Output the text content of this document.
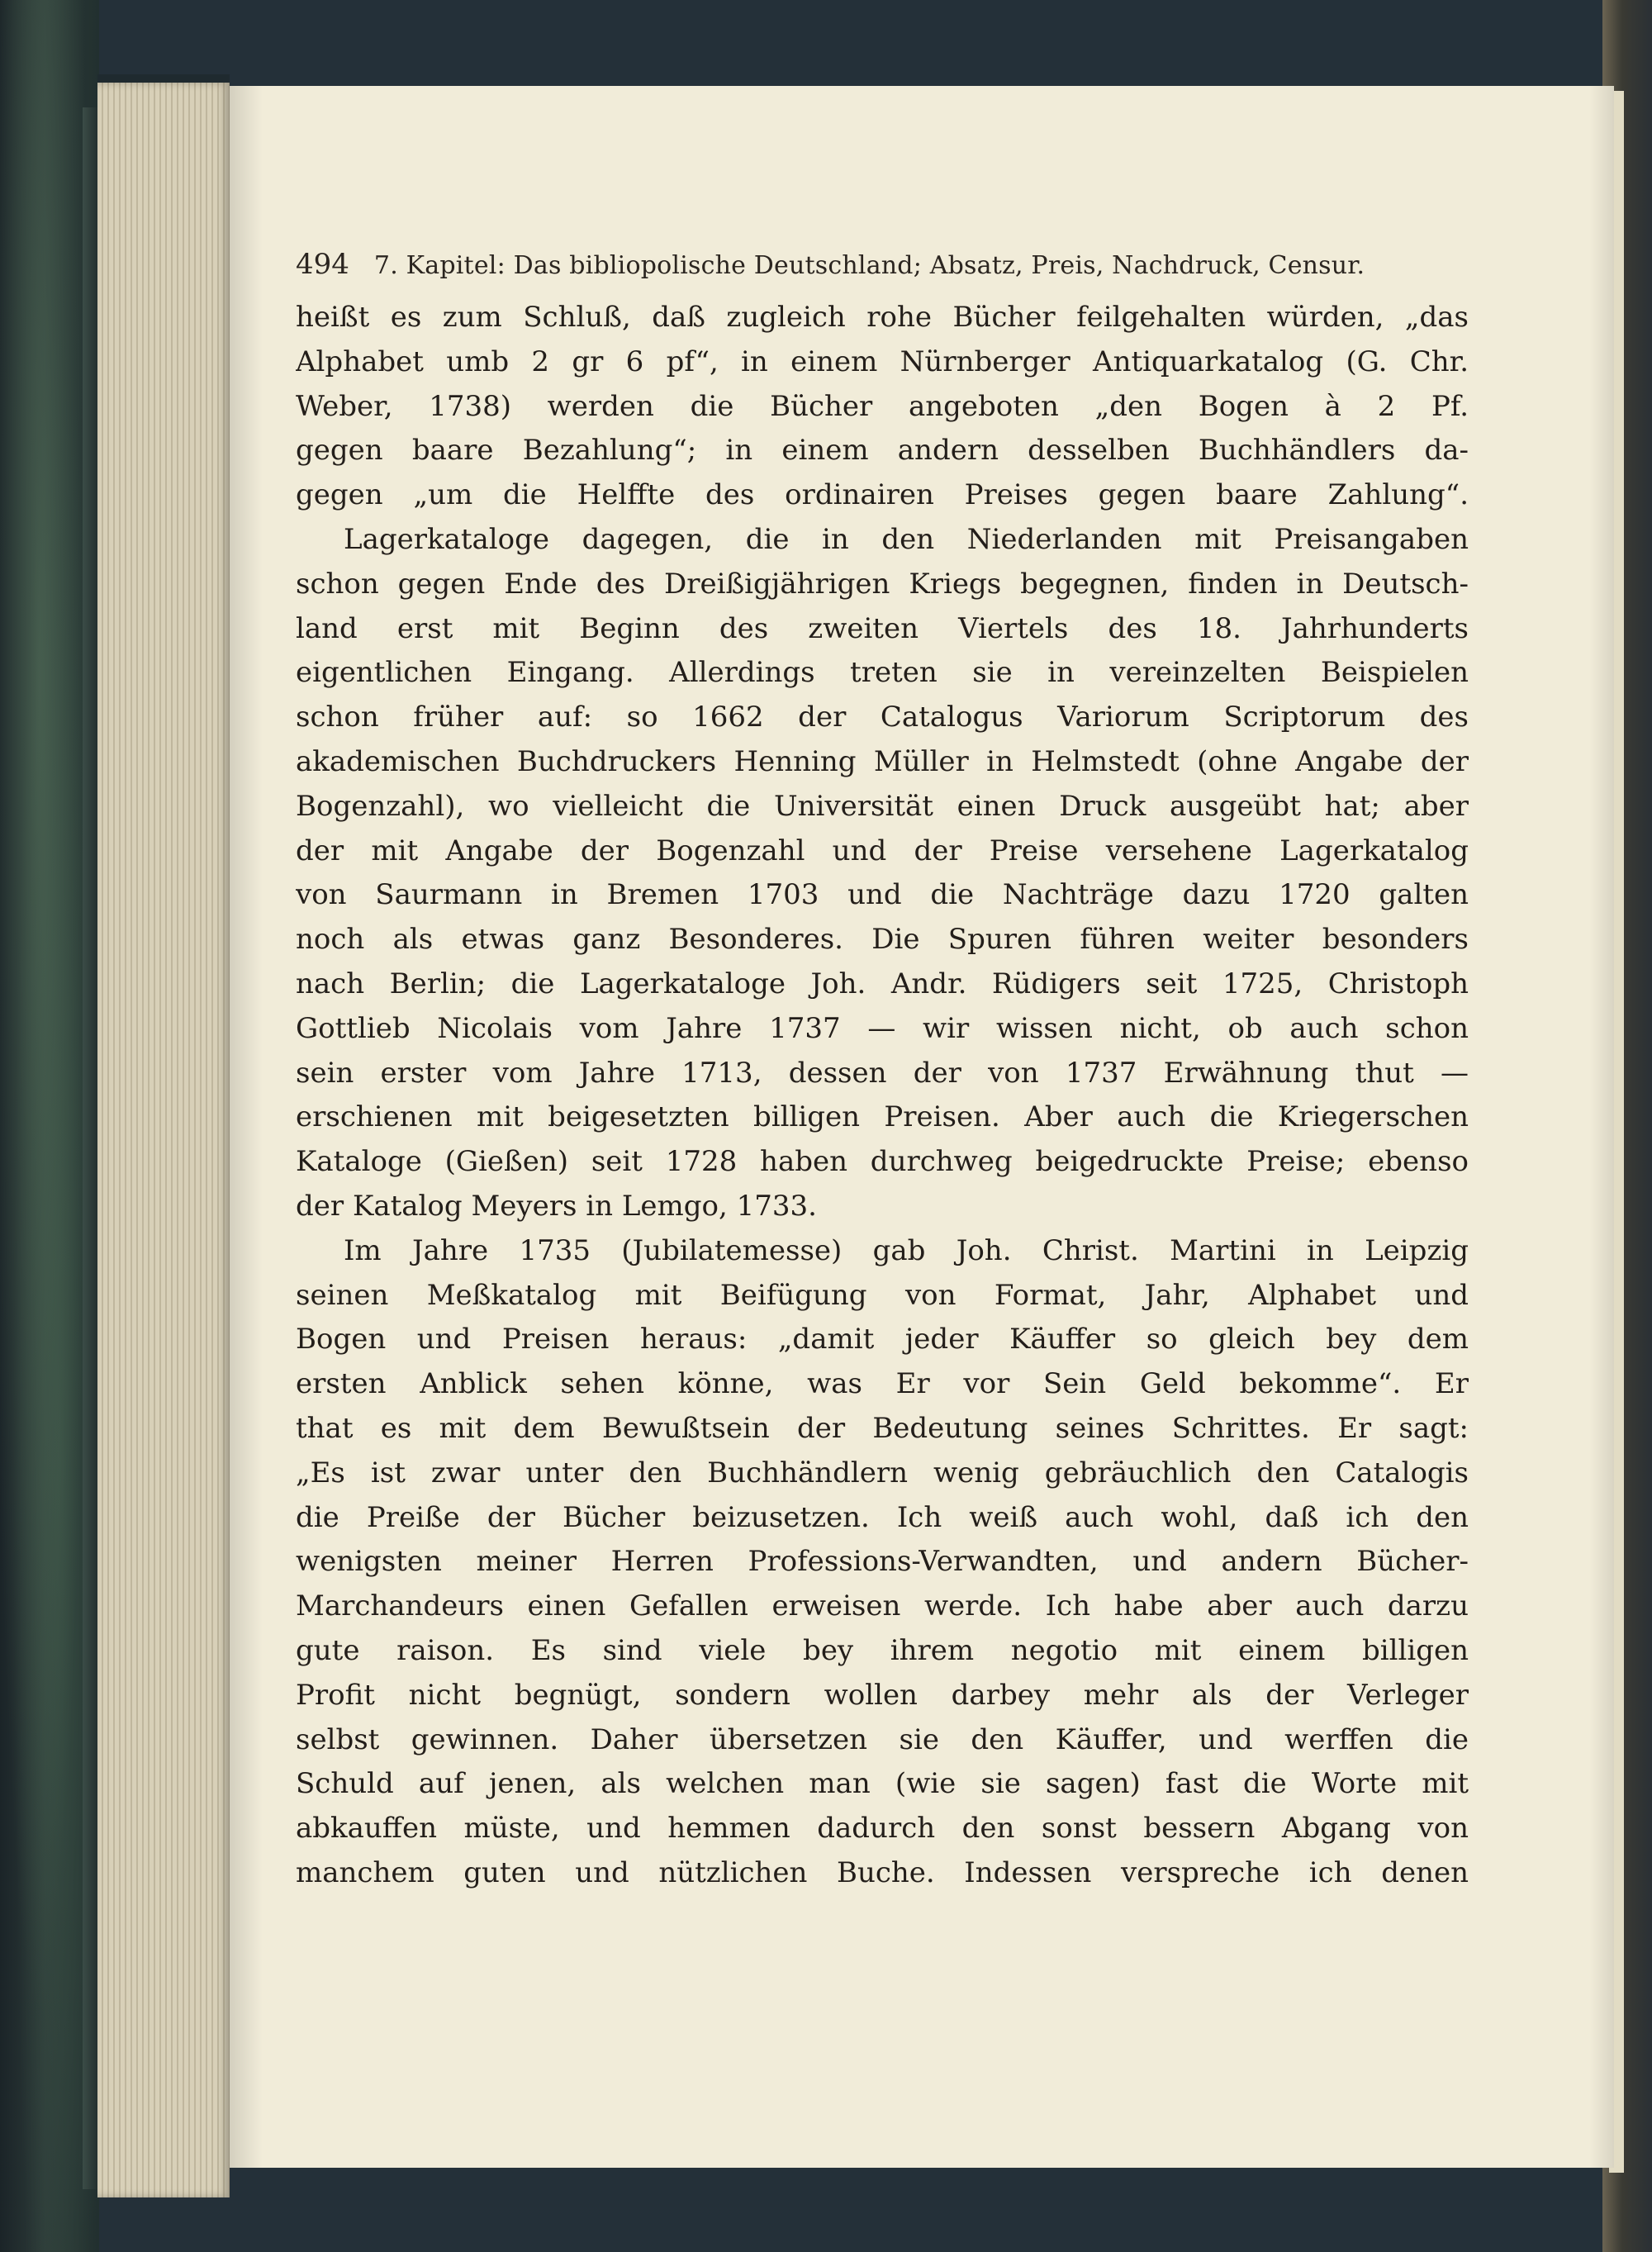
494 7. Kapitel: Das bibliopolische Deutschland; Absatz, Preis, Nachdruck, Censur.
heißt es zum Schluß, daß zugleich rohe Bücher feilgehalten würden, „das
Alphabet umb 2 gr 6 pf“, in einem Nürnberger Antiquarkatalog (G. Chr.
Weber, 1738) werden die Bücher angeboten „den Bogen à 2 Pf.
gegen baare Bezahlung“; in einem andern desselben Buchhändlers da-
gegen „um die Helffte des ordinairen Preises gegen baare Zahlung“.
Lagerkataloge dagegen, die in den Niederlanden mit Preisangaben
schon gegen Ende des Dreißigjährigen Kriegs begegnen, finden in Deutsch-
land erst mit Beginn des zweiten Viertels des 18. Jahrhunderts
eigentlichen Eingang. Allerdings treten sie in vereinzelten Beispielen
schon früher auf: so 1662 der Catalogus Variorum Scriptorum des
akademischen Buchdruckers Henning Müller in Helmstedt (ohne Angabe der
Bogenzahl), wo vielleicht die Universität einen Druck ausgeübt hat; aber
der mit Angabe der Bogenzahl und der Preise versehene Lagerkatalog
von Saurmann in Bremen 1703 und die Nachträge dazu 1720 galten
noch als etwas ganz Besonderes. Die Spuren führen weiter besonders
nach Berlin; die Lagerkataloge Joh. Andr. Rüdigers seit 1725, Christoph
Gottlieb Nicolais vom Jahre 1737 — wir wissen nicht, ob auch schon
sein erster vom Jahre 1713, dessen der von 1737 Erwähnung thut —
erschienen mit beigesetzten billigen Preisen. Aber auch die Kriegerschen
Kataloge (Gießen) seit 1728 haben durchweg beigedruckte Preise; ebenso
der Katalog Meyers in Lemgo, 1733.
Im Jahre 1735 (Jubilatemesse) gab Joh. Christ. Martini in Leipzig
seinen Meßkatalog mit Beifügung von Format, Jahr, Alphabet und
Bogen und Preisen heraus: „damit jeder Käuffer so gleich bey dem
ersten Anblick sehen könne, was Er vor Sein Geld bekomme“. Er
that es mit dem Bewußtsein der Bedeutung seines Schrittes. Er sagt:
„Es ist zwar unter den Buchhändlern wenig gebräuchlich den Catalogis
die Preiße der Bücher beizusetzen. Ich weiß auch wohl, daß ich den
wenigsten meiner Herren Professions-Verwandten, und andern Bücher-
Marchandeurs einen Gefallen erweisen werde. Ich habe aber auch darzu
gute raison. Es sind viele bey ihrem negotio mit einem billigen
Profit nicht begnügt, sondern wollen darbey mehr als der Verleger
selbst gewinnen. Daher übersetzen sie den Käuffer, und werffen die
Schuld auf jenen, als welchen man (wie sie sagen) fast die Worte mit
abkauffen müste, und hemmen dadurch den sonst bessern Abgang von
manchem guten und nützlichen Buche. Indessen verspreche ich denen
